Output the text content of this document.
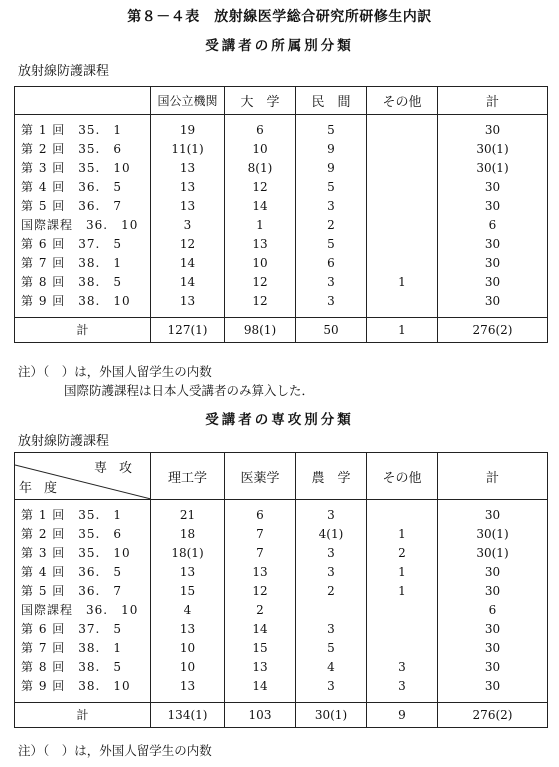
第８－４表　放射線医学総合研究所研修生内訳
受講者の所属別分類
放射線防護課程
	国公立機関	大　学	民　間	その他	計

第 1 回　35.　1	19	6	5		30
第 2 回　35.　6	11(1)	10	9		30(1)
第 3 回　35.　10	13	8(1)	9		30(1)
第 4 回　36.　5	13	12	5		30
第 5 回　36.　7	13	14	3		30
国際課程　36.　10	3	1	2		6
第 6 回　37.　5	12	13	5		30
第 7 回　38.　1	14	10	6		30
第 8 回　38.　5	14	12	3	1	30
第 9 回　38.　10	13	12	3		30

計	127(1)	98(1)	50	1	276(2)
注）（　）は，外国人留学生の内数
国際防護課程は日本人受講者のみ算入した．
受講者の専攻別分類
放射線防護課程
専攻
年度	理工学	医薬学	農　学	その他	計

第 1 回　35.　1	21	6	3		30
第 2 回　35.　6	18	7	4(1)	1	30(1)
第 3 回　35.　10	18(1)	7	3	2	30(1)
第 4 回　36.　5	13	13	3	1	30
第 5 回　36.　7	15	12	2	1	30
国際課程　36.　10	4	2			6
第 6 回　37.　5	13	14	3		30
第 7 回　38.　1	10	15	5		30
第 8 回　38.　5	10	13	4	3	30
第 9 回　38.　10	13	14	3	3	30

計	134(1)	103	30(1)	9	276(2)
注）（　）は，外国人留学生の内数
